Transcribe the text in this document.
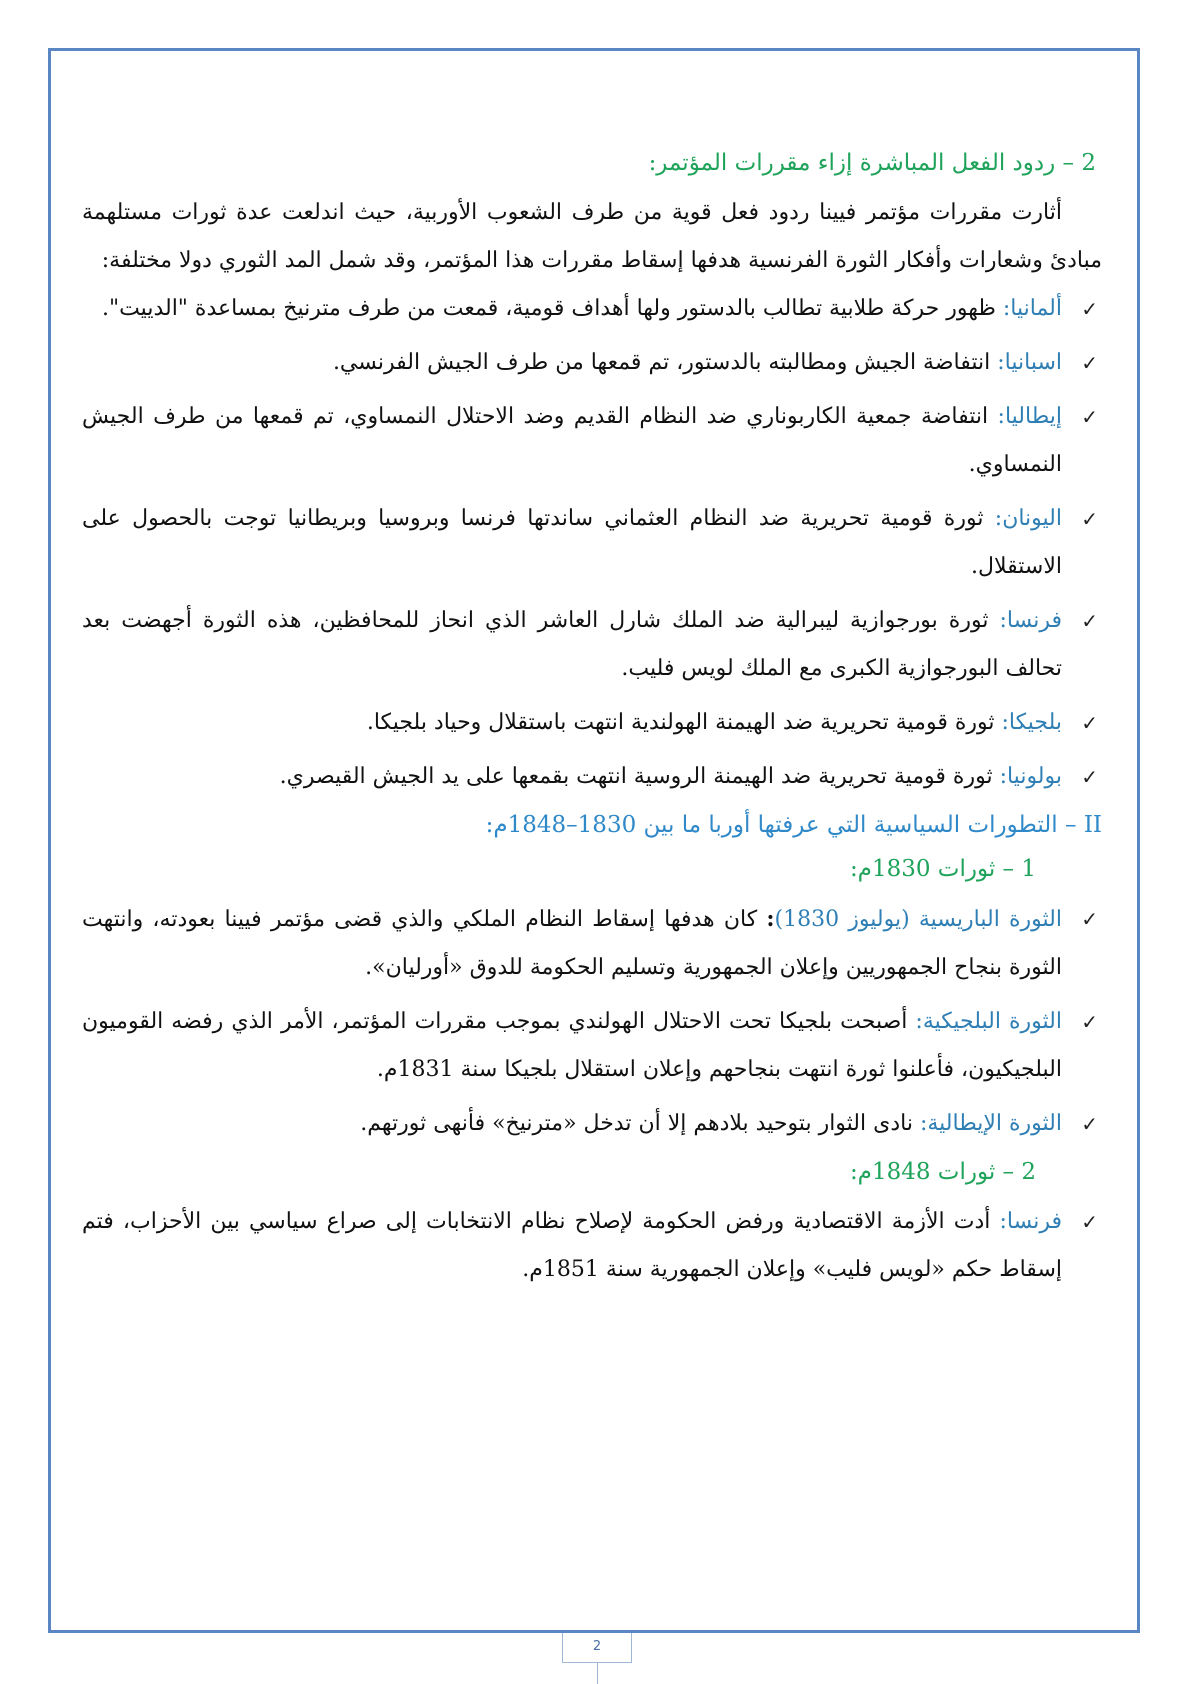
2 – ردود الفعل المباشرة إزاء مقررات المؤتمر:

أثارت مقررات مؤتمر فيينا ردود فعل قوية من طرف الشعوب الأوربية، حيث اندلعت عدة ثورات مستلهمة مبادئ وشعارات وأفكار الثورة الفرنسية هدفها إسقاط مقررات هذا المؤتمر، وقد شمل المد الثوري دولا مختلفة:

✓
ألمانيا: ظهور حركة طلابية تطالب بالدستور ولها أهداف قومية، قمعت من طرف مترنيخ بمساعدة "الدييت".
✓
اسبانيا: انتفاضة الجيش ومطالبته بالدستور، تم قمعها من طرف الجيش الفرنسي.
✓
إيطاليا: انتفاضة جمعية الكاربوناري ضد النظام القديم وضد الاحتلال النمساوي، تم قمعها من طرف الجيش النمساوي.
✓
اليونان: ثورة قومية تحريرية ضد النظام العثماني ساندتها فرنسا وبروسيا وبريطانيا توجت بالحصول على الاستقلال.
✓
فرنسا: ثورة بورجوازية ليبرالية ضد الملك شارل العاشر الذي انحاز للمحافظين، هذه الثورة أجهضت بعد تحالف البورجوازية الكبرى مع الملك لويس فليب.
✓
بلجيكا: ثورة قومية تحريرية ضد الهيمنة الهولندية انتهت باستقلال وحياد بلجيكا.
✓
بولونيا: ثورة قومية تحريرية ضد الهيمنة الروسية انتهت بقمعها على يد الجيش القيصري.
II – التطورات السياسية التي عرفتها أوربا ما بين 1830–1848م:
1 – ثورات 1830م:
✓
الثورة الباريسية (يوليوز 1830): كان هدفها إسقاط النظام الملكي والذي قضى مؤتمر فيينا بعودته، وانتهت الثورة بنجاح الجمهوريين وإعلان الجمهورية وتسليم الحكومة للدوق «أورليان».
✓
الثورة البلجيكية: أصبحت بلجيكا تحت الاحتلال الهولندي بموجب مقررات المؤتمر، الأمر الذي رفضه القوميون البلجيكيون، فأعلنوا ثورة انتهت بنجاحهم وإعلان استقلال بلجيكا سنة 1831م.
✓
الثورة الإيطالية: نادى الثوار بتوحيد بلادهم إلا أن تدخل «مترنيخ» فأنهى ثورتهم.
2 – ثورات 1848م:
✓
فرنسا: أدت الأزمة الاقتصادية ورفض الحكومة لإصلاح نظام الانتخابات إلى صراع سياسي بين الأحزاب، فتم إسقاط حكم «لويس فليب» وإعلان الجمهورية سنة 1851م.
2
